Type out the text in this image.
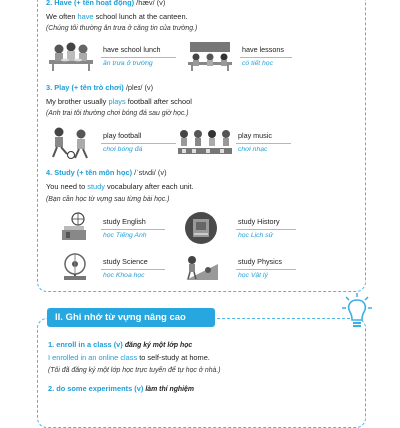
2. Have (+ tên hoạt động) /hæv/ (v)
We often have school lunch at the canteen.
(Chúng tôi thường ăn trưa ở căng tin của trường.)
have school lunch
ăn trưa ở trường
have lessons
có tiết học
3. Play (+ tên trò chơi) /pleɪ/ (v)
My brother usually plays football after school
(Anh trai tôi thường chơi bóng đá sau giờ học.)
play football
chơi bóng đá
play music
chơi nhạc
4. Study (+ tên môn học) /ˈstʌdi/ (v)
You need to study vocabulary after each unit.
(Bạn cần học từ vựng sau từng bài học.)
study English
học Tiếng Anh
study History
học Lịch sử
study Science
học Khoa học
study Physics
học Vật lý
II. Ghi nhớ từ vựng nâng cao
1. enroll in a class (v) đăng ký một lớp học
I enrolled in an online class to self-study at home.
(Tôi đã đăng ký một lớp học trực tuyến để tự học ở nhà.)
2. do some experiments (v) làm thí nghiệm
